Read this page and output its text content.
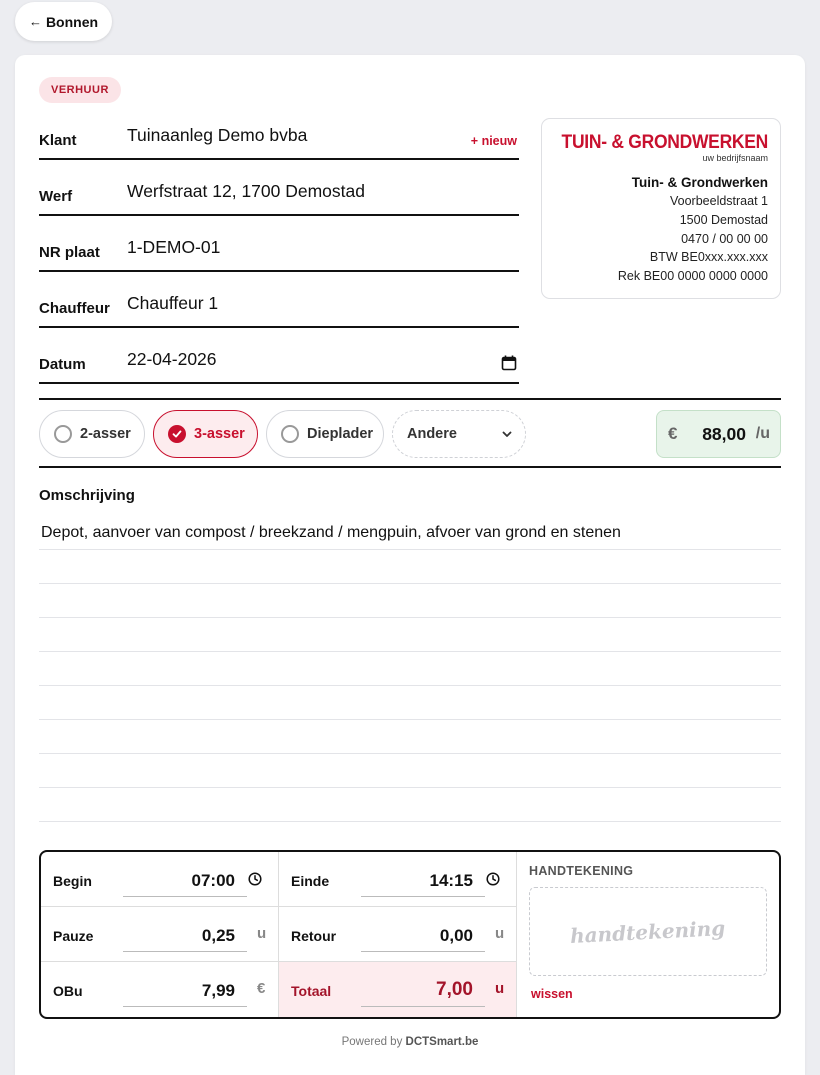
← Bonnen
VERHUUR
Klant	Tuinaanleg Demo bvba	+ nieuw
Werf	Werfstraat 12, 1700 Demostad
NR plaat 1-DEMO-01
Chauffeur Chauffeur 1
Datum 22-04-2026
TUIN- & GRONDWERKEN
uw bedrijfsnaam
Tuin- & Grondwerken
Voorbeeldstraat 1
1500 Demostad
0470 / 00 00 00
BTW BE0xxx.xxx.xxx
Rek BE00 0000 0000 0000
2-asser	3-asser	Dieplader Andere	€ 88,00 /u
Omschrijving
Depot, aanvoer van compost / breekzand / mengpuin, afvoer van grond en stenen
Begin	07:00	Einde	14:15
Pauze	0,25 u Retour	0,00 u
OBu	7,99 € Totaal	7,00 u
HANDTEKENING
handtekening
wissen
Powered by DCTSmart.be
